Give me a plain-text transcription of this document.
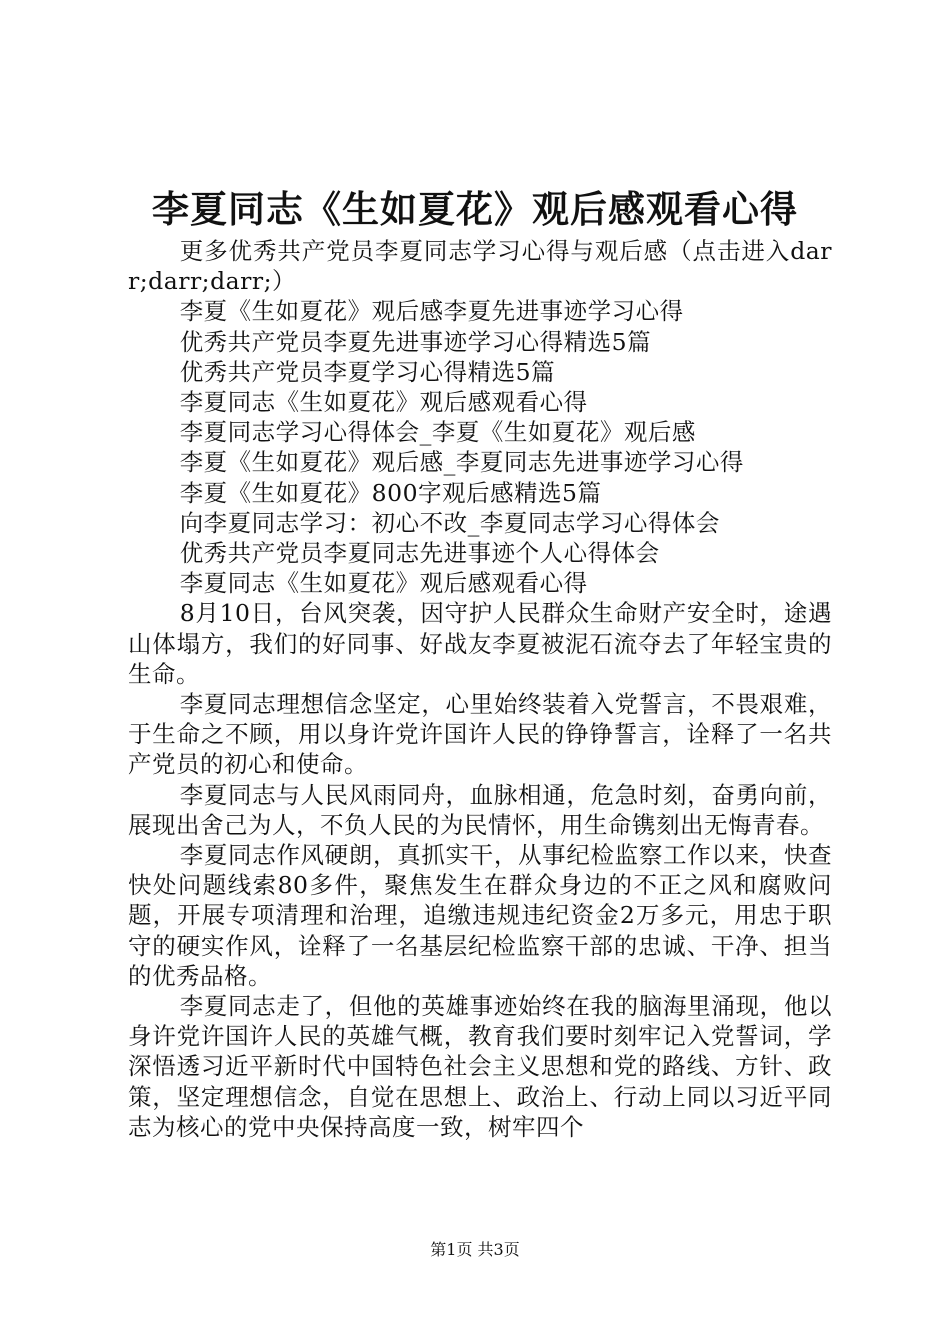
李夏同志《生如夏花》观后感观看心得

更多优秀共产党员李夏同志学习心得与观后感（点击进入darr;darr;darr;）

李夏《生如夏花》观后感李夏先进事迹学习心得

优秀共产党员李夏先进事迹学习心得精选5篇

优秀共产党员李夏学习心得精选5篇

李夏同志《生如夏花》观后感观看心得

李夏同志学习心得体会_李夏《生如夏花》观后感

李夏《生如夏花》观后感_李夏同志先进事迹学习心得

李夏《生如夏花》800字观后感精选5篇

向李夏同志学习：初心不改_李夏同志学习心得体会

优秀共产党员李夏同志先进事迹个人心得体会

李夏同志《生如夏花》观后感观看心得

8月10日，台风突袭，因守护人民群众生命财产安全时，途遇山体塌方，我们的好同事、好战友李夏被泥石流夺去了年轻宝贵的生命。

李夏同志理想信念坚定，心里始终装着入党誓言，不畏艰难，于生命之不顾，用以身许党许国许人民的铮铮誓言，诠释了一名共产党员的初心和使命。

李夏同志与人民风雨同舟，血脉相通，危急时刻，奋勇向前，展现出舍己为人，不负人民的为民情怀，用生命镌刻出无悔青春。

李夏同志作风硬朗，真抓实干，从事纪检监察工作以来，快查快处问题线索80多件，聚焦发生在群众身边的不正之风和腐败问题，开展专项清理和治理，追缴违规违纪资金2万多元，用忠于职守的硬实作风，诠释了一名基层纪检监察干部的忠诚、干净、担当的优秀品格。

李夏同志走了，但他的英雄事迹始终在我的脑海里涌现，他以身许党许国许人民的英雄气概，教育我们要时刻牢记入党誓词，学深悟透习近平新时代中国特色社会主义思想和党的路线、方针、政策，坚定理想信念，自觉在思想上、政治上、行动上同以习近平同志为核心的党中央保持高度一致，树牢四个

第1页 共3页
